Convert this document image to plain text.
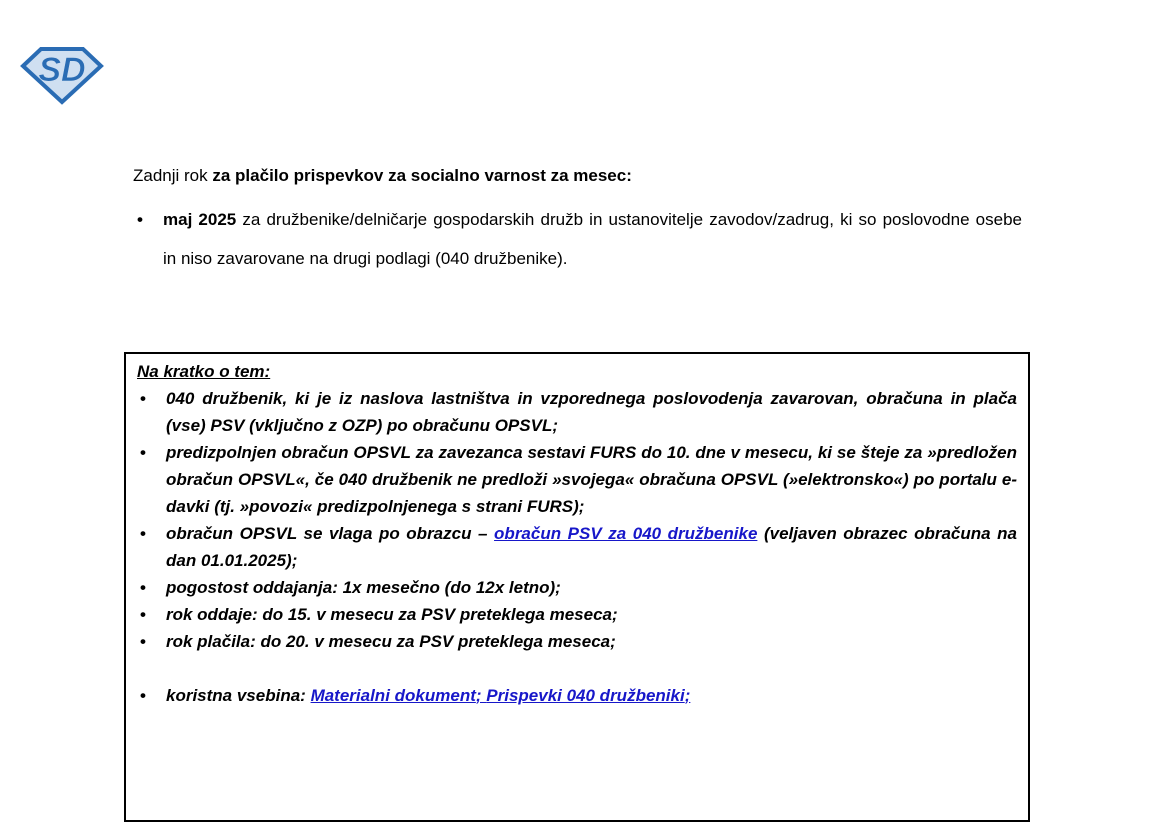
SD
Zadnji rok za plačilo prispevkov za socialno varnost za mesec:
• maj 2025 za družbenike/delničarje gospodarskih družb in ustanovitelje zavodov/zadrug, ki so poslovodne osebe in niso zavarovane na drugi podlagi (040 družbenike).
Na kratko o tem:
• 040 družbenik, ki je iz naslova lastništva in vzporednega poslovodenja zavarovan, obračuna in plača (vse) PSV (vključno z OZP) po obračunu OPSVL;
• predizpolnjen obračun OPSVL za zavezanca sestavi FURS do 10. dne v mesecu, ki se šteje za »predložen obračun OPSVL«, če 040 družbenik ne predloži »svojega« obračuna OPSVL (»elektronsko«) po portalu e-davki (tj. »povozi« predizpolnjenega s strani FURS);
• obračun OPSVL se vlaga po obrazcu – obračun PSV za 040 družbenike (veljaven obrazec obračuna na dan 01.01.2025);
• pogostost oddajanja: 1x mesečno (do 12x letno);
• rok oddaje: do 15. v mesecu za PSV preteklega meseca;
• rok plačila: do 20. v mesecu za PSV preteklega meseca;
• koristna vsebina: Materialni dokument; Prispevki 040 družbeniki;
